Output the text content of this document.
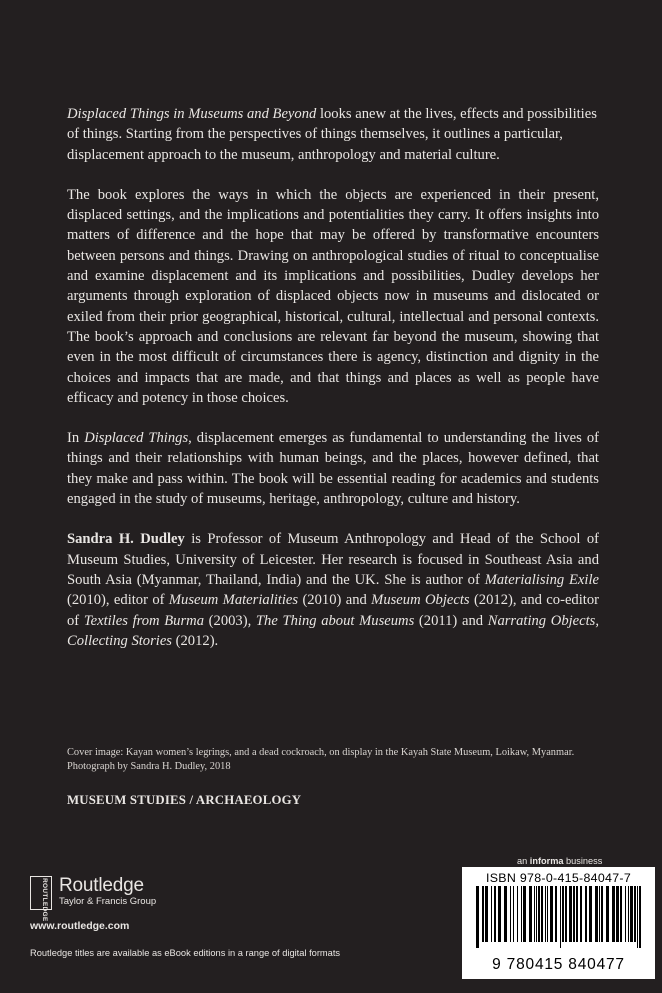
Displaced Things in Museums and Beyond looks anew at the lives, effects and possibilities of things. Starting from the perspectives of things themselves, it outlines a particular, displacement approach to the museum, anthropology and material culture.

The book explores the ways in which the objects are experienced in their present, displaced settings, and the implications and potentialities they carry. It offers insights into matters of difference and the hope that may be offered by transformative encounters between persons and things. Drawing on anthropological studies of ritual to conceptualise and examine displacement and its implications and possibilities, Dudley develops her arguments through exploration of displaced objects now in museums and dislocated or exiled from their prior geographical, historical, cultural, intellectual and personal contexts. The book’s approach and conclusions are relevant far beyond the museum, showing that even in the most difficult of circumstances there is agency, distinction and dignity in the choices and impacts that are made, and that things and places as well as people have efficacy and potency in those choices.

In Displaced Things, displacement emerges as fundamental to understanding the lives of things and their relationships with human beings, and the places, however defined, that they make and pass within. The book will be essential reading for academics and students engaged in the study of museums, heritage, anthropology, culture and history.

Sandra H. Dudley is Professor of Museum Anthropology and Head of the School of Museum Studies, University of Leicester. Her research is focused in Southeast Asia and South Asia (Myanmar, Thailand, India) and the UK. She is author of Materialising Exile (2010), editor of Museum Materialities (2010) and Museum Objects (2012), and co-editor of Textiles from Burma (2003), The Thing about Museums (2011) and Narrating Objects, Collecting Stories (2012).

Cover image: Kayan women’s legrings, and a dead cockroach, on display in the Kayah State Museum, Loikaw, Myanmar. Photograph by Sandra H. Dudley, 2018
MUSEUM STUDIES / ARCHAEOLOGY
an informa business
ISBN 978-0-415-84047-7
9 780415 840477
ROUTLEDGE Routledge
Taylor & Francis Group
www.routledge.com
Routledge titles are available as eBook editions in a range of digital formats
